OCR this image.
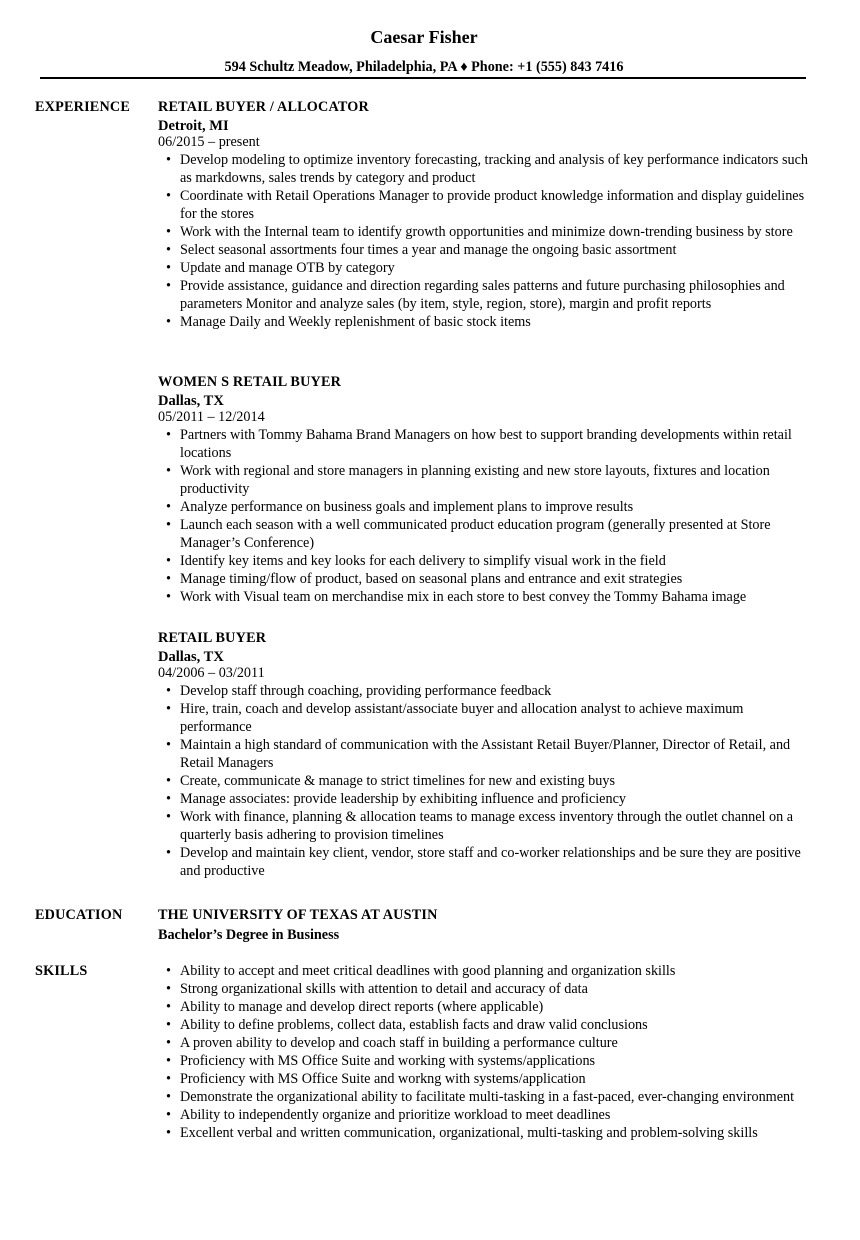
Caesar Fisher
594 Schultz Meadow, Philadelphia, PA ♦ Phone: +1 (555) 843 7416
EXPERIENCE RETAIL BUYER / ALLOCATOR
Detroit, MI
06/2015 – present
• Develop modeling to optimize inventory forecasting, tracking and analysis of key performance indicators such as markdowns, sales trends by category and product
• Coordinate with Retail Operations Manager to provide product knowledge information and display guidelines for the stores
• Work with the Internal team to identify growth opportunities and minimize down-trending business by store
• Select seasonal assortments four times a year and manage the ongoing basic assortment
• Update and manage OTB by category
• Provide assistance, guidance and direction regarding sales patterns and future purchasing philosophies and parameters Monitor and analyze sales (by item, style, region, store), margin and profit reports
• Manage Daily and Weekly replenishment of basic stock items
WOMEN S RETAIL BUYER
Dallas, TX
05/2011 – 12/2014
• Partners with Tommy Bahama Brand Managers on how best to support branding developments within retail locations
• Work with regional and store managers in planning existing and new store layouts, fixtures and location productivity
• Analyze performance on business goals and implement plans to improve results
• Launch each season with a well communicated product education program (generally presented at Store Manager’s Conference)
• Identify key items and key looks for each delivery to simplify visual work in the field
• Manage timing/flow of product, based on seasonal plans and entrance and exit strategies
• Work with Visual team on merchandise mix in each store to best convey the Tommy Bahama image
RETAIL BUYER
Dallas, TX
04/2006 – 03/2011
• Develop staff through coaching, providing performance feedback
• Hire, train, coach and develop assistant/associate buyer and allocation analyst to achieve maximum performance
• Maintain a high standard of communication with the Assistant Retail Buyer/Planner, Director of Retail, and Retail Managers
• Create, communicate & manage to strict timelines for new and existing buys
• Manage associates: provide leadership by exhibiting influence and proficiency
• Work with finance, planning & allocation teams to manage excess inventory through the outlet channel on a quarterly basis adhering to provision timelines
• Develop and maintain key client, vendor, store staff and co-worker relationships and be sure they are positive and productive
EDUCATION	THE UNIVERSITY OF TEXAS AT AUSTIN
Bachelor’s Degree in Business
SKILLS
•	Ability to accept and meet critical deadlines with good planning and organization skills
• Strong organizational skills with attention to detail and accuracy of data
• Ability to manage and develop direct reports (where applicable)
• Ability to define problems, collect data, establish facts and draw valid conclusions
• A proven ability to develop and coach staff in building a performance culture
• Proficiency with MS Office Suite and working with systems/applications
• Proficiency with MS Office Suite and workng with systems/application
• Demonstrate the organizational ability to facilitate multi-tasking in a fast-paced, ever-changing environment
• Ability to independently organize and prioritize workload to meet deadlines
• Excellent verbal and written communication, organizational, multi-tasking and problem-solving skills
